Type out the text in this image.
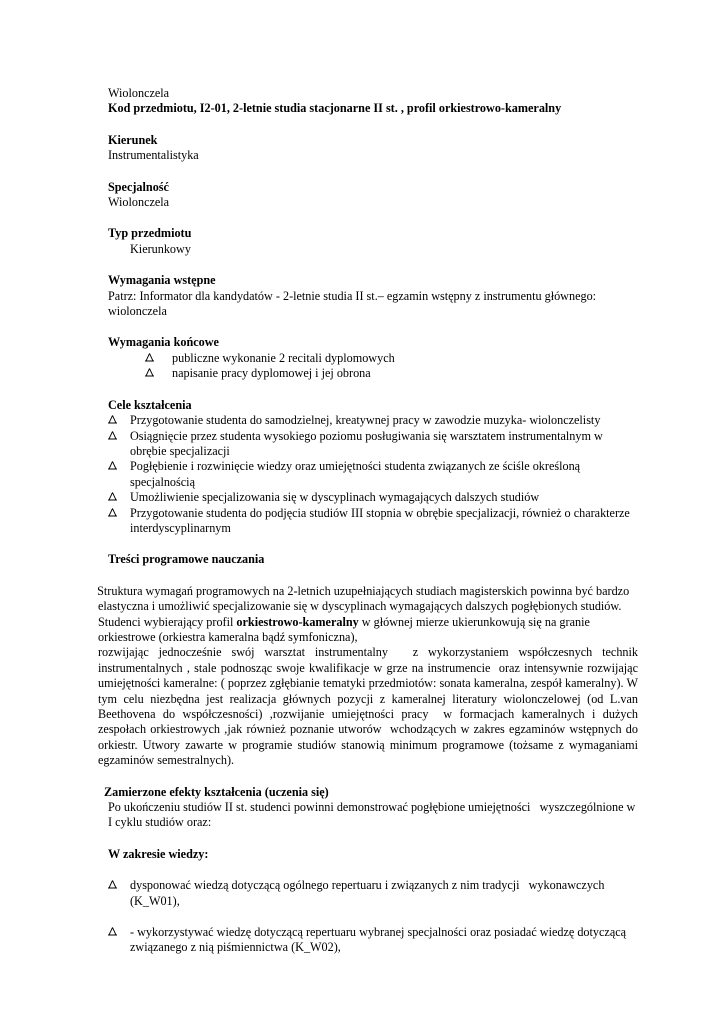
Wiolonczela

Kod przedmiotu, I2-01, 2-letnie studia stacjonarne II st. , profil orkiestrowo-kameralny

Kierunek

Instrumentalistyka

Specjalność

Wiolonczela

Typ przedmiotu

Kierunkowy

Wymagania wstępne

Patrz: Informator dla kandydatów - 2-letnie studia II st.– egzamin wstępny z instrumentu głównego: wiolonczela

Wymagania końcowe

publiczne wykonanie 2 recitali dyplomowych
napisanie pracy dyplomowej i jej obrona

Cele kształcenia

Przygotowanie studenta do samodzielnej, kreatywnej pracy w zawodzie muzyka- wiolonczelisty
Osiągnięcie przez studenta wysokiego poziomu posługiwania się warsztatem instrumentalnym w obrębie specjalizacji
Pogłębienie i rozwinięcie wiedzy oraz umiejętności studenta związanych ze ściśle określoną specjalnością
Umożliwienie specjalizowania się w dyscyplinach wymagających dalszych studiów
Przygotowanie studenta do podjęcia studiów III stopnia w obrębie specjalizacji, również o charakterze interdyscyplinarnym

Treści programowe nauczania

Struktura wymagań programowych na 2-letnich uzupełniających studiach magisterskich powinna być bardzo elastyczna i umożliwić specjalizowanie się w dyscyplinach wymagających dalszych pogłębionych studiów.

Studenci wybierający profil orkiestrowo-kameralny w głównej mierze ukierunkowują się na granie orkiestrowe (orkiestra kameralna bądź symfoniczna),

rozwijając  jednocześnie  swój  warsztat  instrumentalny     z  wykorzystaniem  współczesnych  technik instrumentalnych , stale podnosząc swoje kwalifikacje w grze na instrumencie  oraz intensywnie rozwijając umiejętności kameralne: ( poprzez zgłębianie tematyki przedmiotów: sonata kameralna, zespół kameralny). W tym celu niezbędna jest realizacja głównych pozycji z kameralnej literatury wiolonczelowej (od L.van Beethovena do współczesności) ,rozwijanie umiejętności pracy  w formacjach kameralnych i dużych zespołach orkiestrowych ,jak również poznanie utworów  wchodzących w zakres egzaminów wstępnych do orkiestr. Utwory zawarte w programie studiów stanowią minimum programowe (tożsame z wymaganiami egzaminów semestralnych).

Zamierzone efekty kształcenia (uczenia się)

Po ukończeniu studiów II st. studenci powinni demonstrować pogłębione umiejętności   wyszczególnione w I cyklu studiów oraz:

W zakresie wiedzy:

dysponować wiedzą dotyczącą ogólnego repertuaru i związanych z nim tradycji   wykonawczych (K_W01),
- wykorzystywać wiedzę dotyczącą repertuaru wybranej specjalności oraz posiadać wiedzę dotyczącą związanego z nią piśmiennictwa (K_W02),
